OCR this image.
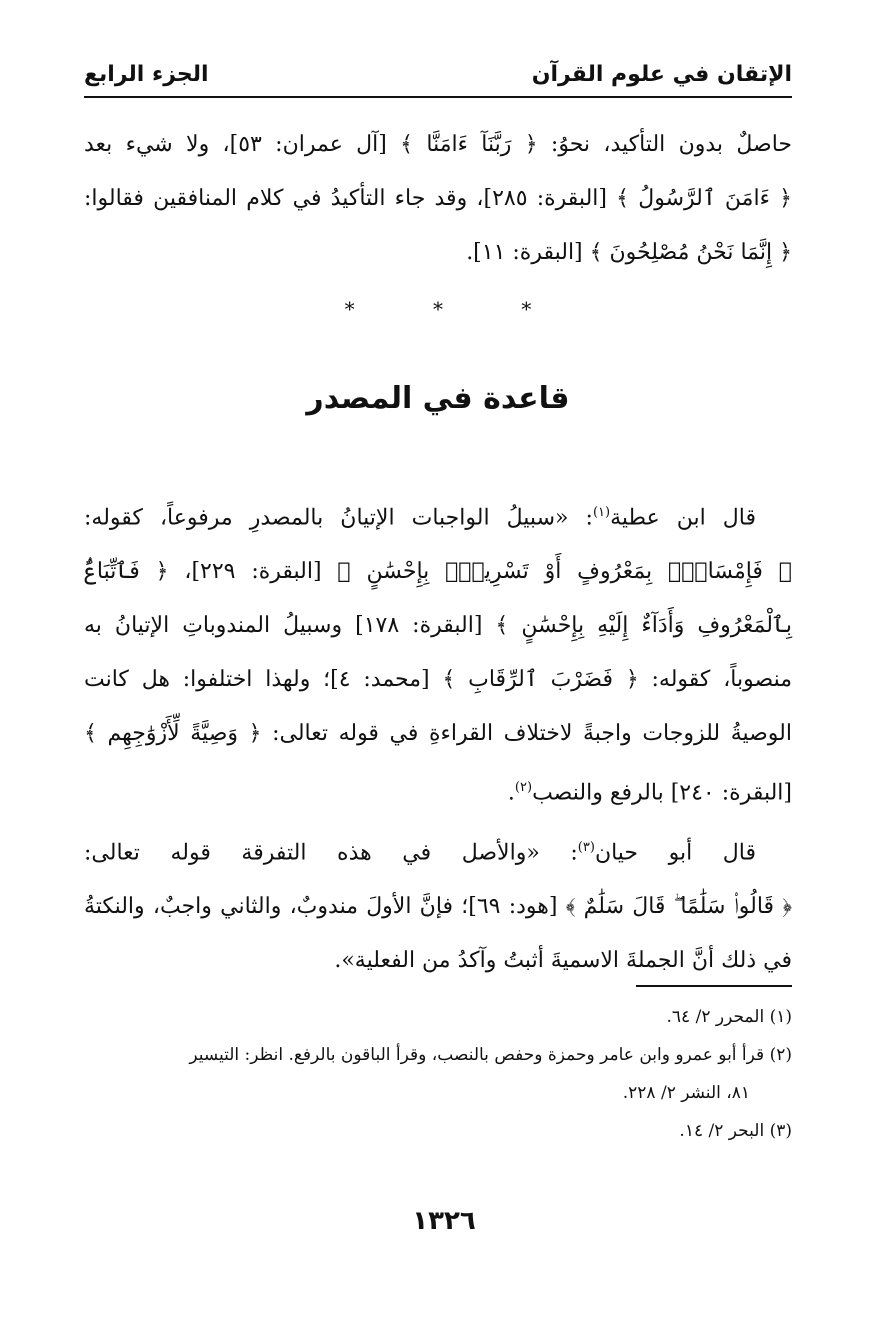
الإتقان في علوم القرآن
الجزء الرابع

حاصلٌ بدون التأكيد، نحوُ: ﴿ رَبَّنَآ ءَامَنَّا ﴾ [آل عمران: ٥٣]، ولا شيء بعد ﴿ ءَامَنَ ٱلرَّسُولُ ﴾ [البقرة: ٢٨٥]، وقد جاء التأكيدُ في كلام المنافقين فقالوا: ﴿ إِنَّمَا نَحْنُ مُصْلِحُونَ ﴾ [البقرة: ١١].

* * *
قاعدة في المصدر

قال ابن عطية$^{(١)}$: «سبيلُ الواجبات الإتيانُ بالمصدرِ مرفوعاً، كقوله: ﴿ فَإِمْسَاكٌۢ بِمَعْرُوفٍ أَوْ تَسْرِيحٌۢ بِإِحْسَٰنٍ ﴾ [البقرة: ٢٢٩]، ﴿ فَٱتِّبَاعٌۢ بِٱلْمَعْرُوفِ وَأَدَآءٌ إِلَيْهِ بِإِحْسَٰنٍ ﴾ [البقرة: ١٧٨] وسبيلُ المندوباتِ الإتيانُ به منصوباً، كقوله: ﴿ فَضَرْبَ ٱلرِّقَابِ ﴾ [محمد: ٤]؛ ولهذا اختلفوا: هل كانت الوصيةُ للزوجات واجبةً لاختلاف القراءةِ في قوله تعالى: ﴿ وَصِيَّةً لِّأَزْوَٰجِهِم ﴾ [البقرة: ٢٤٠] بالرفع والنصب$^{(٢)}$.

قال أبو حيان$^{(٣)}$: «والأصل في هذه التفرقة قوله تعالى: ﴿ قَالُوا۟ سَلَٰمًا ۖ قَالَ سَلَٰمٌ ﴾ [هود: ٦٩]؛ فإنَّ الأولَ مندوبٌ، والثاني واجبٌ، والنكتةُ في ذلك أنَّ الجملةَ الاسميةَ أثبتُ وآكدُ من الفعلية».

(١) المحرر ٢/ ٦٤.

(٢) قرأ أبو عمرو وابن عامر وحمزة وحفص بالنصب، وقرأ الباقون بالرفع. انظر: التيسير

٨١، النشر ٢/ ٢٢٨.

(٣) البحر ٢/ ١٤.

١٣٢٦
